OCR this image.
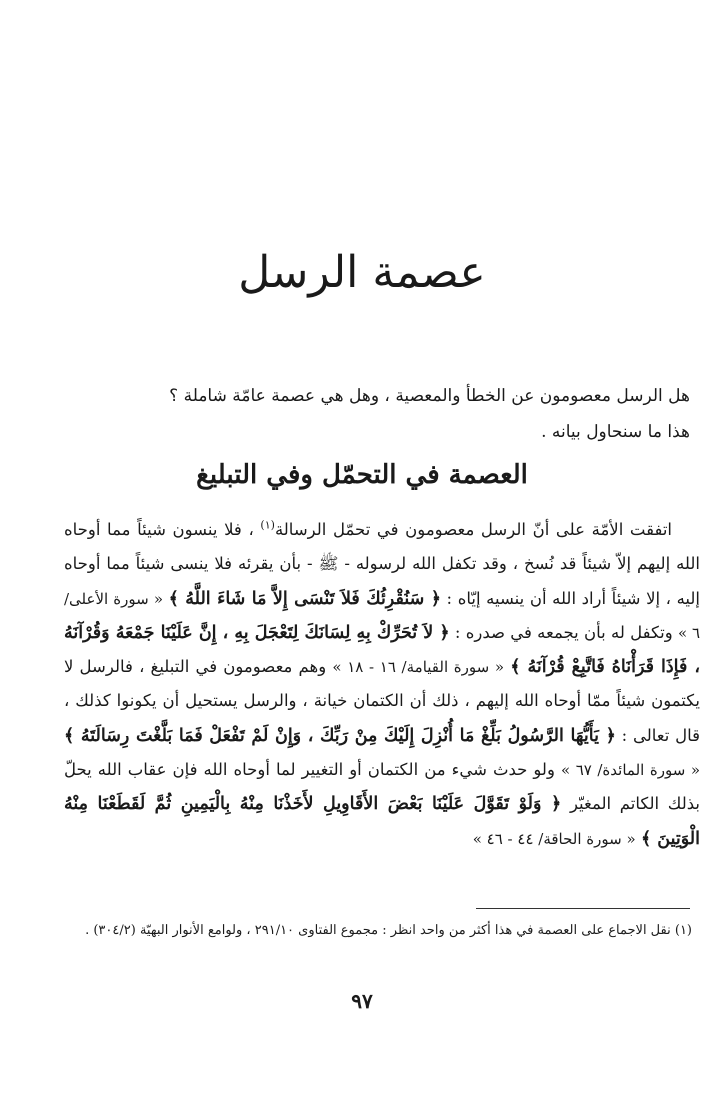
عصمة الرسل

هل الرسل معصومون عن الخطأ والمعصية ، وهل هي عصمة عامّة شاملة ؟

هذا ما سنحاول بيانه .

العصمة في التحمّل وفي التبليغ

اتفقت الأمّة على أنّ الرسل معصومون في تحمّل الرسالة$^{(١)}$ ، فلا ينسون شيئاً مما أوحاه الله إليهم إلاّ شيئاً قد نُسخ ، وقد تكفل الله لرسوله - ﷺ - بأن يقرئه فلا ينسى شيئاً مما أوحاه إليه ، إلا شيئاً أراد الله أن ينسيه إيّاه : ﴿ سَنُقْرِئُكَ فَلاَ تَنْسَى إِلاَّ مَا شَاءَ اللَّهُ ﴾ « سورة الأعلى/ ٦ » وتكفل له بأن يجمعه في صدره : ﴿ لاَ تُحَرِّكْ بِهِ لِسَانَكَ لِتَعْجَلَ بِهِ ، إِنَّ عَلَيْنَا جَمْعَهُ وَقُرْآنَهُ ، فَإِذَا قَرَأْنَاهُ فَاتَّبِعْ قُرْآنَهُ ﴾ « سورة القيامة/ ١٦ - ١٨ » وهم معصومون في التبليغ ، فالرسل لا يكتمون شيئاً ممّا أوحاه الله إليهم ، ذلك أن الكتمان خيانة ، والرسل يستحيل أن يكونوا كذلك ، قال تعالى : ﴿ يَأَيُّهَا الرَّسُولُ بَلِّغْ مَا أُنْزِلَ إِلَيْكَ مِنْ رَبِّكَ ، وَإِنْ لَمْ تَفْعَلْ فَمَا بَلَّغْتَ رِسَالَتَهُ ﴾ « سورة المائدة/ ٦٧ » ولو حدث شيء من الكتمان أو التغيير لما أوحاه الله فإن عقاب الله يحلّ بذلك الكاتم المغيّر ﴿ وَلَوْ تَقَوَّلَ عَلَيْنَا بَعْضَ الأَقَاوِيلِ لأَخَذْنَا مِنْهُ بِالْيَمِينِ ثُمَّ لَقَطَعْنَا مِنْهُ الْوَتِينَ ﴾ « سورة الحاقة/ ٤٤ - ٤٦ »

(١) نقل الاجماع على العصمة في هذا أكثر من واحد انظر : مجموع الفتاوى ٢٩١/١٠ ، ولوامع الأنوار البهيّة (٣٠٤/٢) .

٩٧
